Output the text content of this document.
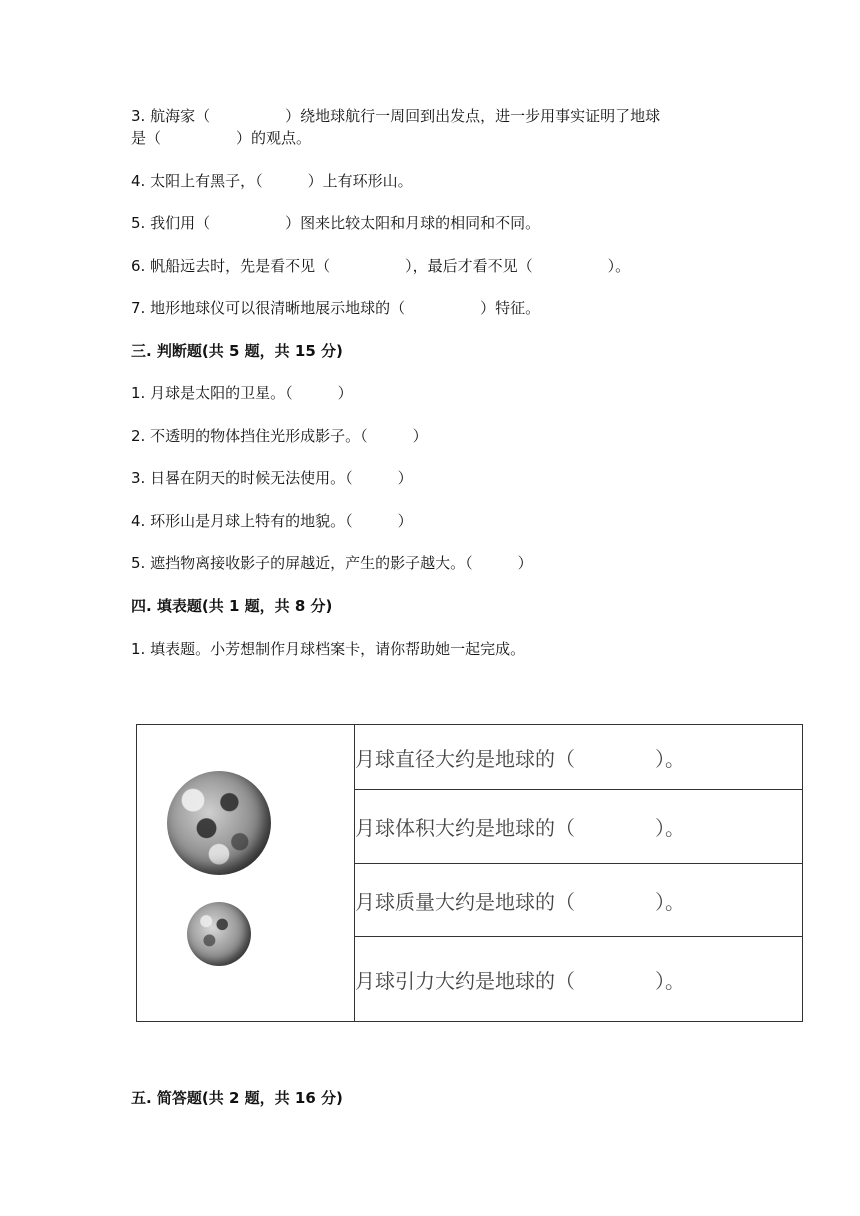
3. 航海家（　　　　　）绕地球航行一周回到出发点，进一步用事实证明了地球
是（　　　　　）的观点。
4. 太阳上有黑子，（　　　）上有环形山。
5. 我们用（　　　　　）图来比较太阳和月球的相同和不同。
6. 帆船远去时，先是看不见（　　　　　），最后才看不见（　　　　　）。
7. 地形地球仪可以很清晰地展示地球的（　　　　　）特征。
三. 判断题(共 5 题，共 15 分)
1. 月球是太阳的卫星。（　　　）
2. 不透明的物体挡住光形成影子。（　　　）
3. 日晷在阴天的时候无法使用。（　　　）
4. 环形山是月球上特有的地貌。（　　　）
5. 遮挡物离接收影子的屏越近，产生的影子越大。（　　　）
四. 填表题(共 1 题，共 8 分)
1. 填表题。小芳想制作月球档案卡，请你帮助她一起完成。
	月球直径大约是地球的（　　　　）。
月球体积大约是地球的（　　　　）。
月球质量大约是地球的（　　　　）。
月球引力大约是地球的（　　　　）。
五. 简答题(共 2 题，共 16 分)
